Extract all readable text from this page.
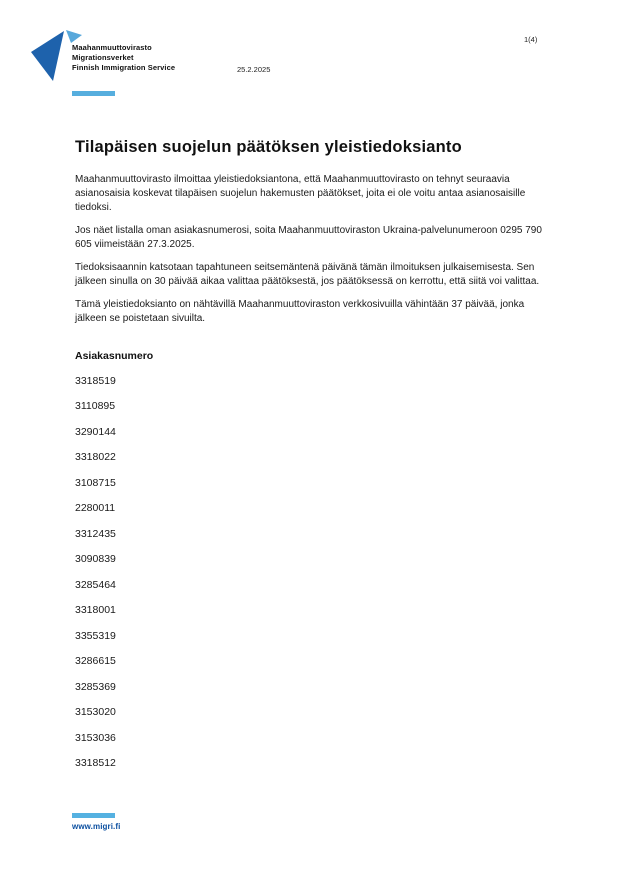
Maahanmuuttovirasto
Migrationsverket
Finnish Immigration Service	25.2.2025
1(4)
Tilapäisen suojelun päätöksen yleistiedoksianto

Maahanmuuttovirasto ilmoittaa yleistiedoksiantona, että Maahanmuuttovirasto on tehnyt seuraavia asianosaisia koskevat tilapäisen suojelun hakemusten päätökset, joita ei ole voitu antaa asianosaisille tiedoksi.

Jos näet listalla oman asiakasnumerosi, soita Maahanmuuttoviraston Ukraina-palvelunumeroon 0295 790 605 viimeistään 27.3.2025.

Tiedoksisaannin katsotaan tapahtuneen seitsemäntenä päivänä tämän ilmoituksen julkaisemisesta. Sen jälkeen sinulla on 30 päivää aikaa valittaa päätöksestä, jos päätöksessä on kerrottu, että siitä voi valittaa.

Tämä yleistiedoksianto on nähtävillä Maahanmuuttoviraston verkkosivuilla vähintään 37 päivää, jonka jälkeen se poistetaan sivuilta.

Asiakasnumero
3318519
3110895
3290144
3318022
3108715
2280011
3312435
3090839
3285464
3318001
3355319
3286615
3285369
3153020
3153036
3318512
www.migri.fi
